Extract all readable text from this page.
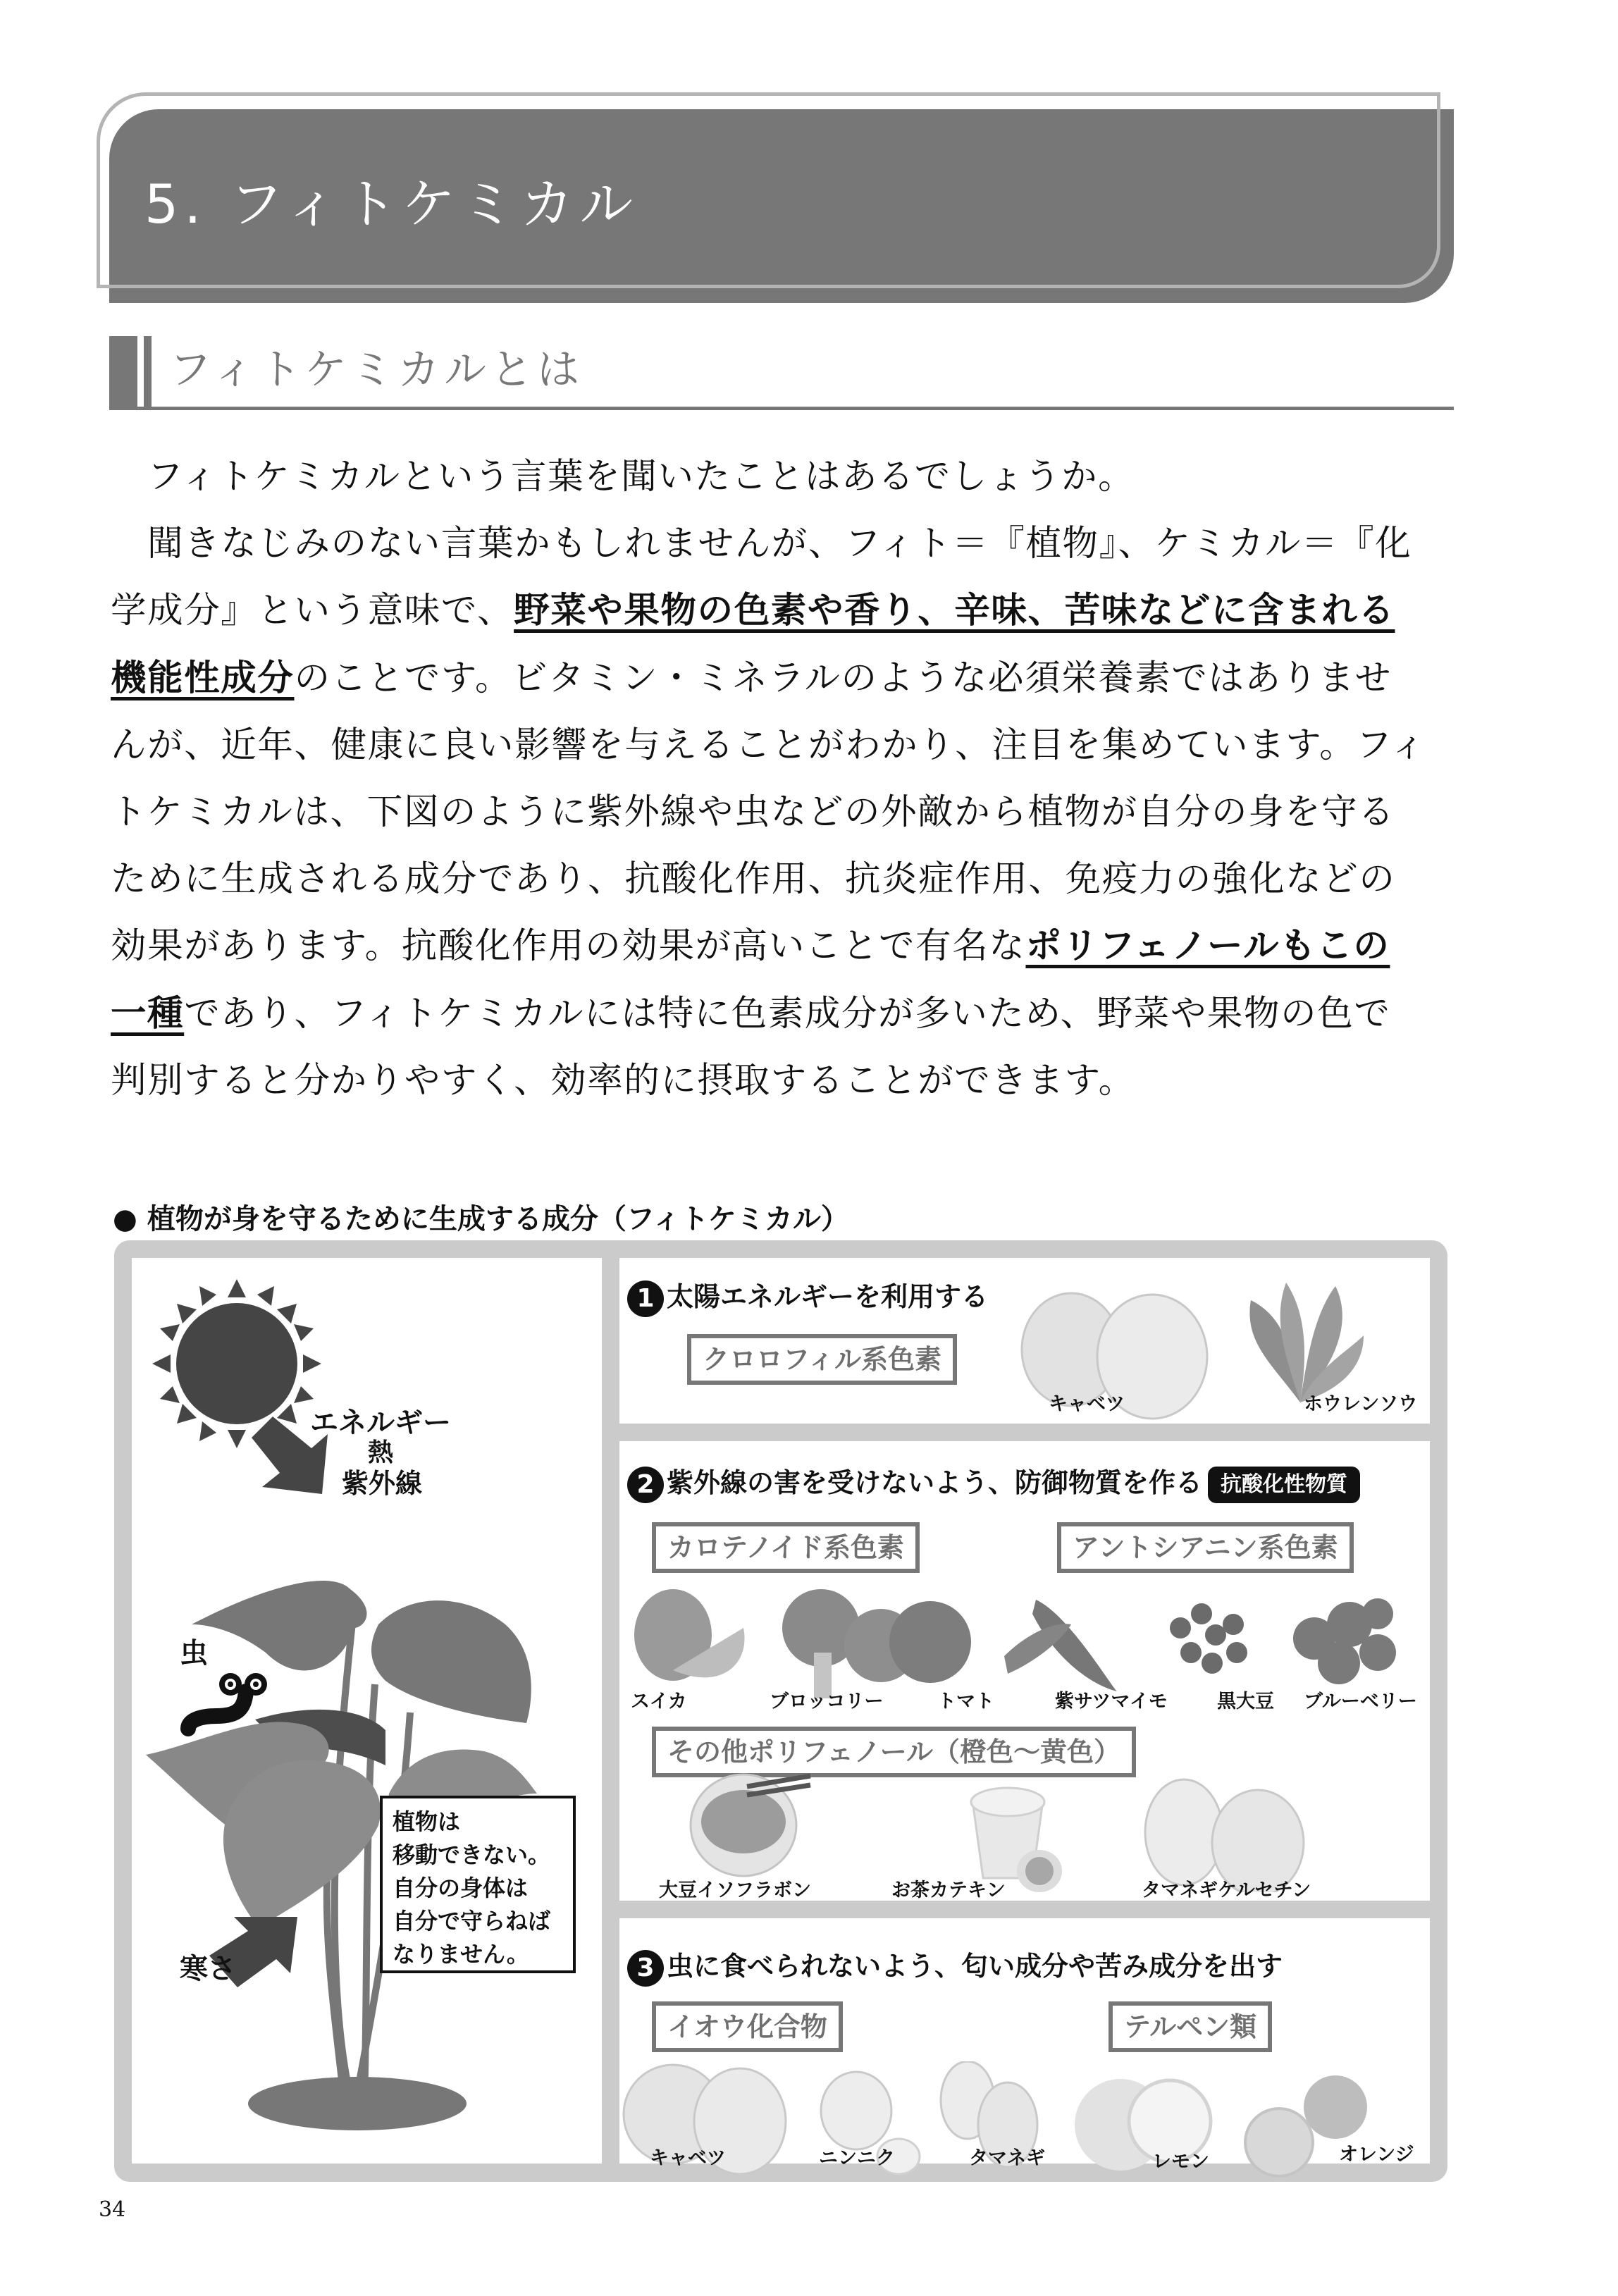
5. フィトケミカル
フィトケミカルとは
　フィトケミカルという言葉を聞いたことはあるでしょうか。
　聞きなじみのない言葉かもしれませんが、フィト＝『植物』、ケミカル＝『化
学成分』という意味で、野菜や果物の色素や香り、辛味、苦味などに含まれる
機能性成分のことです。ビタミン・ミネラルのような必須栄養素ではありませ
んが、近年、健康に良い影響を与えることがわかり、注目を集めています。フィ
トケミカルは、下図のように紫外線や虫などの外敵から植物が自分の身を守る
ために生成される成分であり、抗酸化作用、抗炎症作用、免疫力の強化などの
効果があります。抗酸化作用の効果が高いことで有名なポリフェノールもこの
一種であり、フィトケミカルには特に色素成分が多いため、野菜や果物の色で
判別すると分かりやすく、効率的に摂取することができます。
● 植物が身を守るために生成する成分（フィトケミカル）
エネルギー
熱
紫外線
虫
寒さ
植物は
移動できない。
自分の身体は
自分で守らねば
なりません。
1 太陽エネルギーを利用する
クロロフィル系色素
キャベツ	ホウレンソウ
2 紫外線の害を受けないよう、防御物質を作る 抗酸化性物質
カロテノイド系色素	アントシアニン系色素
スイカ	ブロッコリー	トマト	紫サツマイモ	黒大豆 ブルーベリー
その他ポリフェノール（橙色〜黄色）
大豆イソフラボン	お茶カテキン	タマネギケルセチン
3 虫に食べられないよう、匂い成分や苦み成分を出す
イオウ化合物	テルペン類
キャベツ	ニンニク	タマネギ	レモン	オレンジ
34
